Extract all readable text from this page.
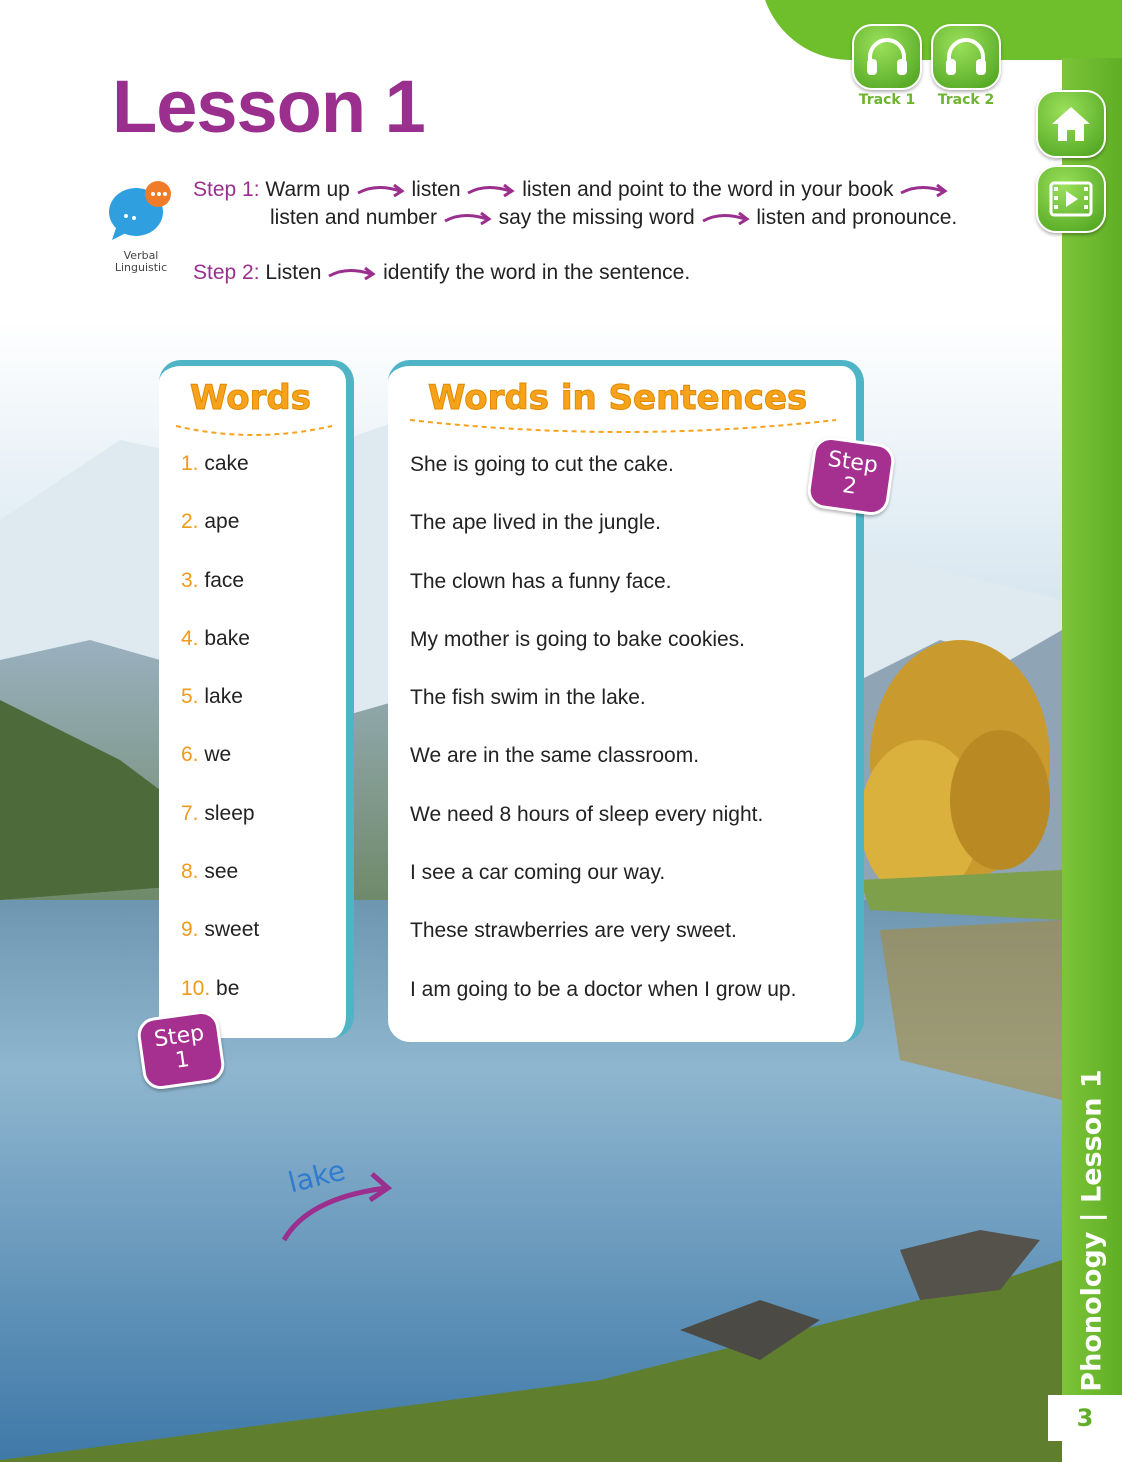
Lesson 1	Track 1	Track 2
Verbal
Linguistic
Step 1: Warm up	listen	listen and point to the word in your book
listen and number	say the missing word	listen and pronounce.
Step 2: Listen	identify the word in the sentence.
Words
1. cake
2. ape
3. face
4. bake
5. lake
6. we
7. sleep
8. see
9. sweet
10. be
Words in Sentences
She is going to cut the cake.
The ape lived in the jungle.
The clown has a funny face.
My mother is going to bake cookies.
The fish swim in the lake.
We are in the same classroom.
We need 8 hours of sleep every night.
I see a car coming our way.
These strawberries are very sweet.
I am going to be a doctor when I grow up.
Step
2
Step
1
lake
Phonology | Lesson 1
3
